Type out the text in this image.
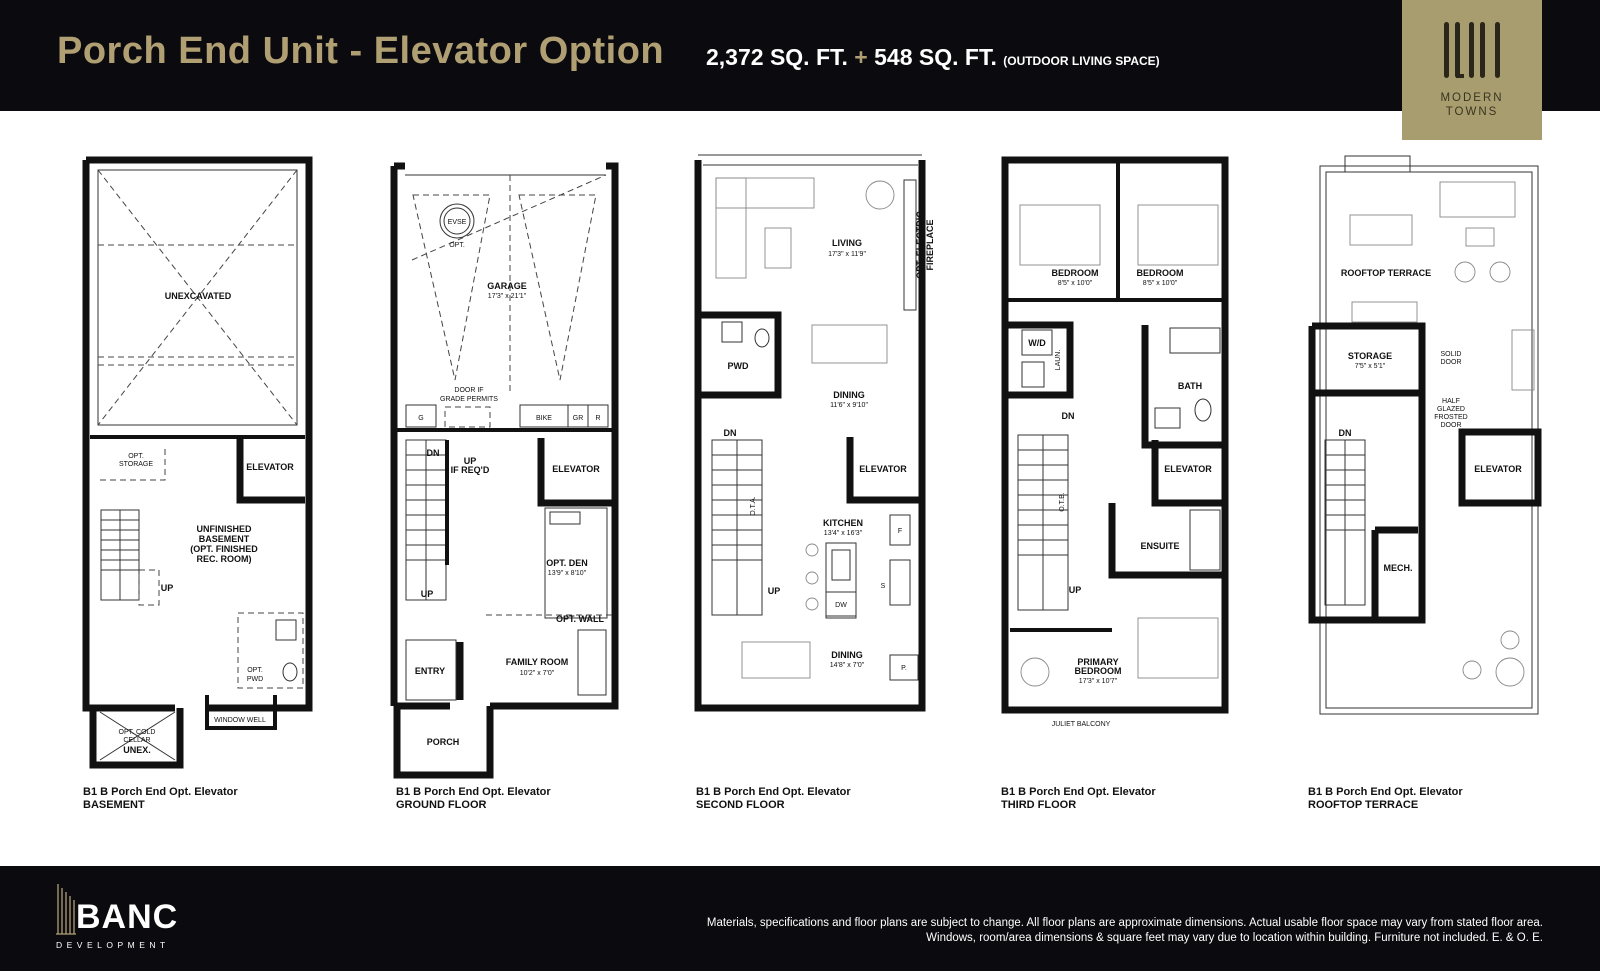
Porch End Unit - Elevator Option 2,372 SQ. FT. + 548 SQ. FT. (OUTDOOR LIVING SPACE)
MODERN
TOWNS
UNEXCAVATED
ELEVATOR
OPT.
STORAGE
UP
UNFINISHED
BASEMENT
(OPT. FINISHED
REC. ROOM)
OPT.
PWD
WINDOW WELL
OPT. COLD
CELLAR
UNEX.
EVSE
OPT.
GARAGE
17'3" x 21'1"
DOOR IF
GRADE PERMITS
G	BIKE	GR R
DN
UP
IF REQ'D
UP
ELEVATOR
OPT. DEN
13'9" x 8'10"
OPT. WALL
FAMILY ROOM
10'2" x 7'0"
ENTRY
PORCH
LIVING
17'3" x 11'9"	OPT. ELECTRIC FIREPLACE
PWD
DINING
11'6" x 9'10"
DN
O.T.A.
UP
ELEVATOR
KITCHEN
13'4" x 16'3"
DW
F
S
DINING
14'8" x 7'0"	P.
BEDROOM
8'5" x 10'0"
BEDROOM
8'5" x 10'0"
W/D
LAUN.
BATH
DN
O.T.B.
UP
ELEVATOR
ENSUITE
PRIMARY
BEDROOM
17'3" x 10'7"
JULIET BALCONY
ROOFTOP TERRACE
STORAGE
7'5" x 5'1"
SOLID
DOOR
HALF
GLAZED
FROSTED
DOOR
DN
MECH.
ELEVATOR
B1 B Porch End Opt. Elevator
BASEMENT
B1 B Porch End Opt. Elevator
GROUND FLOOR
B1 B Porch End Opt. Elevator
SECOND FLOOR
B1 B Porch End Opt. Elevator
THIRD FLOOR
B1 B Porch End Opt. Elevator
ROOFTOP TERRACE
BANC
DEVELOPMENT
Materials, specifications and floor plans are subject to change. All floor plans are approximate dimensions. Actual usable floor space may vary from stated floor area.
Windows, room/area dimensions & square feet may vary due to location within building. Furniture not included. E. & O. E.
